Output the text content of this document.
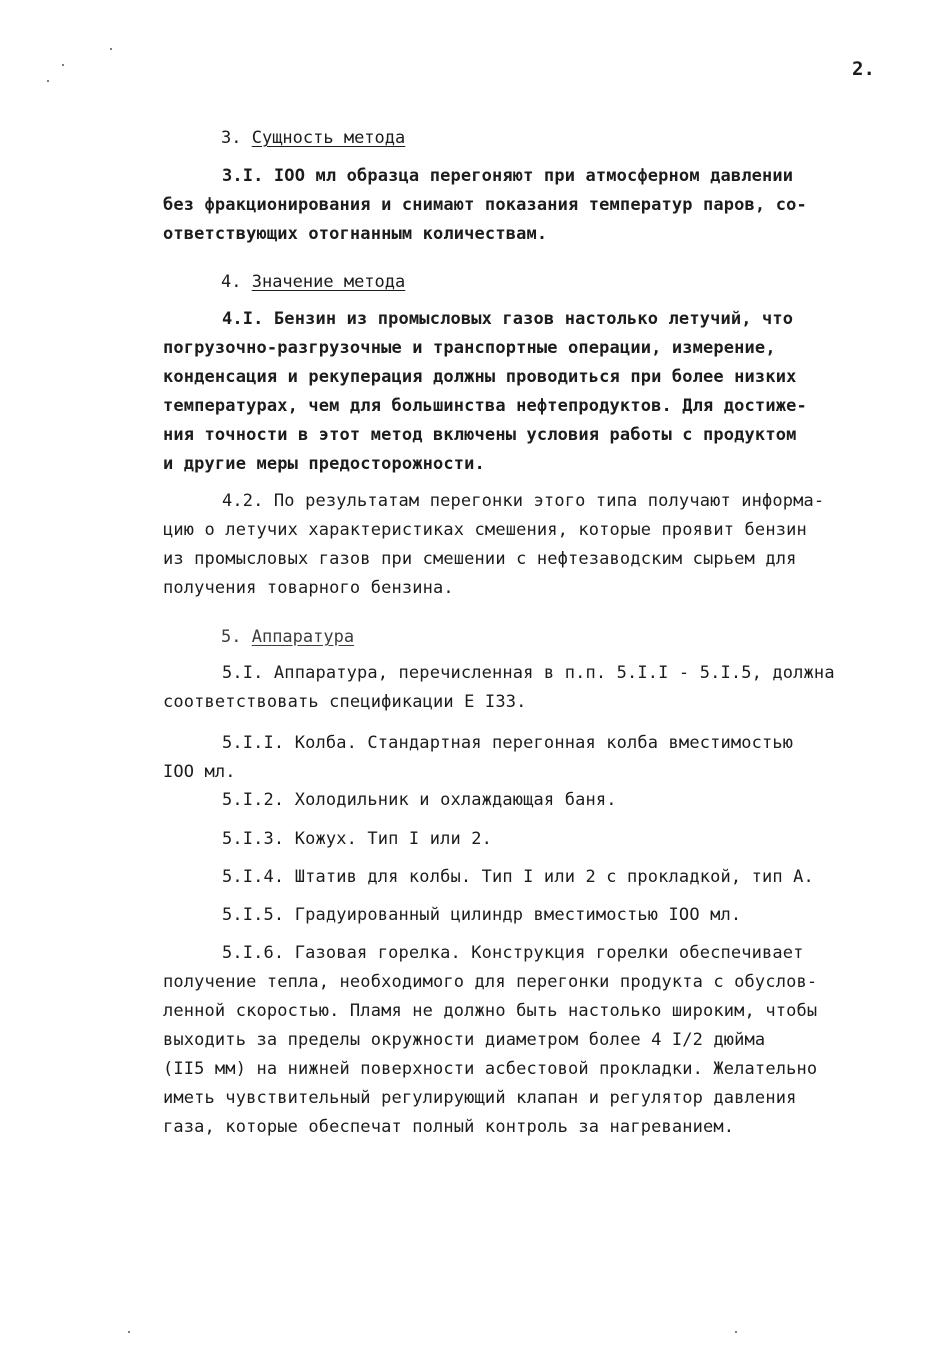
2.
3. Сущность метода
3.I. IOO мл образца перегоняют при атмосферном давлении
без фракционирования и снимают показания температур паров, со-
ответствующих отогнанным количествам.
4. Значение метода
4.I. Бензин из промысловых газов настолько летучий, что
погрузочно-разгрузочные и транспортные операции, измерение,
конденсация и рекуперация должны проводиться при более низких
температурах, чем для большинства нефтепродуктов. Для достиже-
ния точности в этот метод включены условия работы с продуктом
и другие меры предосторожности.
4.2. По результатам перегонки этого типа получают информа-
цию о летучих характеристиках смешения, которые проявит бензин
из промысловых газов при смешении с нефтезаводским сырьем для
получения товарного бензина.
5. Аппаратура
5.I. Аппаратура, перечисленная в п.п. 5.I.I - 5.I.5, должна
соответствовать спецификации Е I33.
5.I.I. Колба. Стандартная перегонная колба вместимостью
IOO мл.
5.I.2. Холодильник и охлаждающая баня.
5.I.3. Кожух. Тип I или 2.
5.I.4. Штатив для колбы. Тип I или 2 с прокладкой, тип А.
5.I.5. Градуированный цилиндр вместимостью IOO мл.
5.I.6. Газовая горелка. Конструкция горелки обеспечивает
получение тепла, необходимого для перегонки продукта с обуслов-
ленной скоростью. Пламя не должно быть настолько широким, чтобы
выходить за пределы окружности диаметром более 4 I/2 дюйма
(II5 мм) на нижней поверхности асбестовой прокладки. Желательно
иметь чувствительный регулирующий клапан и регулятор давления
газа, которые обеспечат полный контроль за нагреванием.
